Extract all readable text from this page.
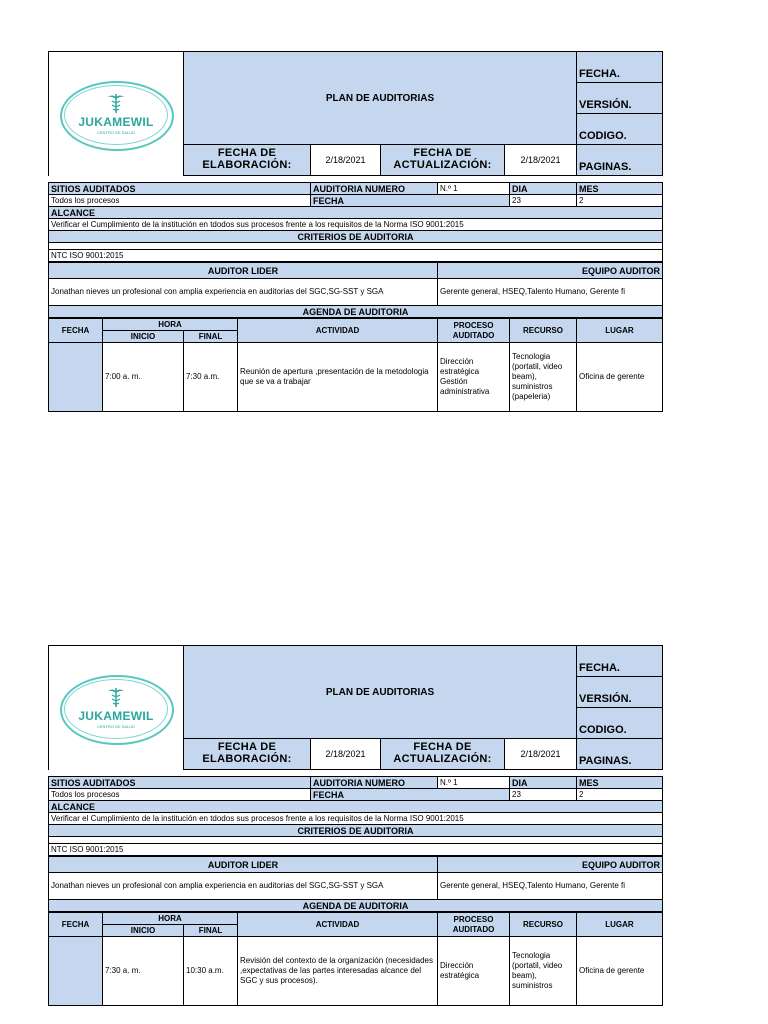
JUKAMEWIL
CENTRO DE SALUD	PLAN DE AUDITORIAS				FECHA.
					VERSIÓN.
					CODIGO.
	FECHA DE ELABORACIÓN:	2/18/2021	FECHA DE ACTUALIZACIÓN:	2/18/2021	PAGINAS.
SITIOS AUDITADOS	AUDITORIA NUMERO	N.º 1	DIA	MES
Todos los procesos	FECHA		23	2
ALCANCE				
Verificar el Cumplimiento de la institución en tdodos sus procesos frente a los requisitos de la Norma ISO 9001:2015				
CRITERIOS DE AUDITORIA				

NTC ISO 9001:2015				
AUDITOR LIDER	EQUIPO AUDITOR
Jonathan nieves un profesional con amplia experiencia en auditorias del SGC,SG-SST y SGA	Gerente general, HSEQ,Talento Humano, Gerente fi
AGENDA DE AUDITORIA	
FECHA	HORA		ACTIVIDAD	PROCESO AUDITADO	RECURSO	LUGAR
	INICIO	FINAL				
	7:00 a. m.	7:30 a.m.	Reunión de apertura ,presentación de la metodologia que se va a trabajar	Dirección estratégica Gestión administrativa	Tecnologia (portatil, video beam), suministros (papeleria)	Oficina de gerente
JUKAMEWIL
CENTRO DE SALUD	PLAN DE AUDITORIAS				FECHA.
					VERSIÓN.
					CODIGO.
	FECHA DE ELABORACIÓN:	2/18/2021	FECHA DE ACTUALIZACIÓN:	2/18/2021	PAGINAS.
SITIOS AUDITADOS	AUDITORIA NUMERO	N.º 1	DIA	MES
Todos los procesos	FECHA		23	2
ALCANCE				
Verificar el Cumplimiento de la institución en tdodos sus procesos frente a los requisitos de la Norma ISO 9001:2015				
CRITERIOS DE AUDITORIA				

NTC ISO 9001:2015				
AUDITOR LIDER	EQUIPO AUDITOR
Jonathan nieves un profesional con amplia experiencia en auditorias del SGC,SG-SST y SGA	Gerente general, HSEQ,Talento Humano, Gerente fi
AGENDA DE AUDITORIA	
FECHA	HORA		ACTIVIDAD	PROCESO AUDITADO	RECURSO	LUGAR
	INICIO	FINAL				
	7:30 a. m.	10:30 a.m.	Revisión del contexto de la organización (necesidades ,expectativas de las partes interesadas alcance del SGC y sus procesos).	Dirección estratégica	Tecnologia (portatil, video beam), suministros	Oficina de gerente
